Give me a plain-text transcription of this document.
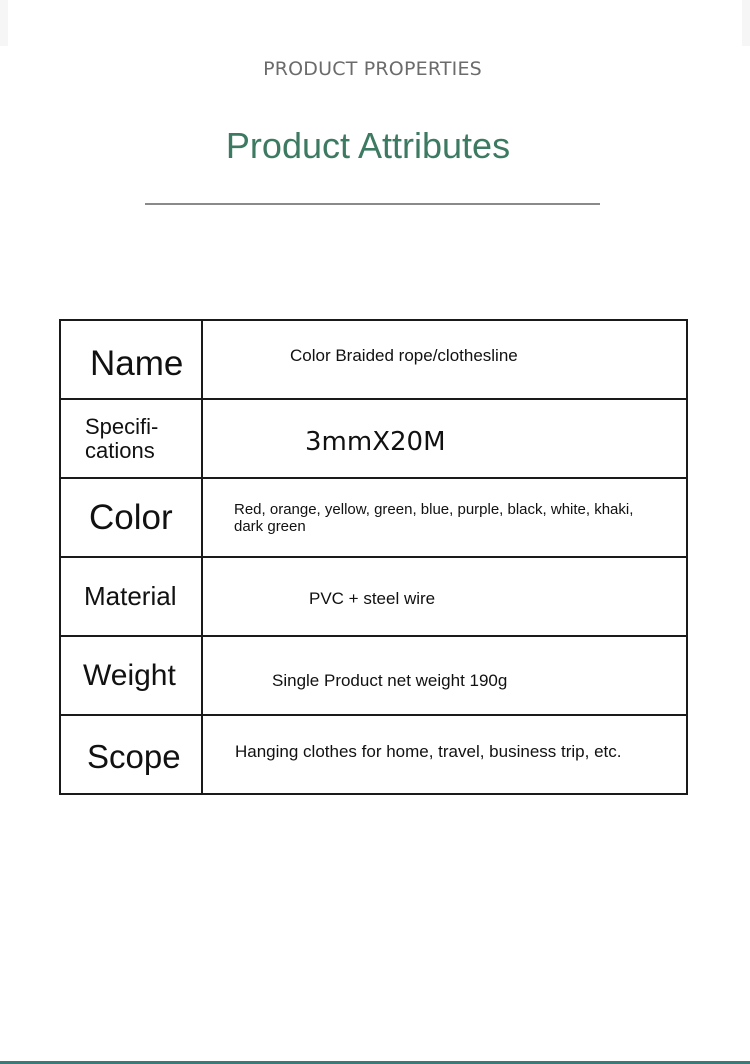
PRODUCT PROPERTIES
Product Attributes
Name	Color Braided rope/clothesline

Specifi-
cations	3mmX20M

Color	Red, orange, yellow, green, blue, purple, black, white, khaki, dark green

Material	PVC + steel wire

Weight	Single Product net weight 190g

Scope	Hanging clothes for home, travel, business trip, etc.
